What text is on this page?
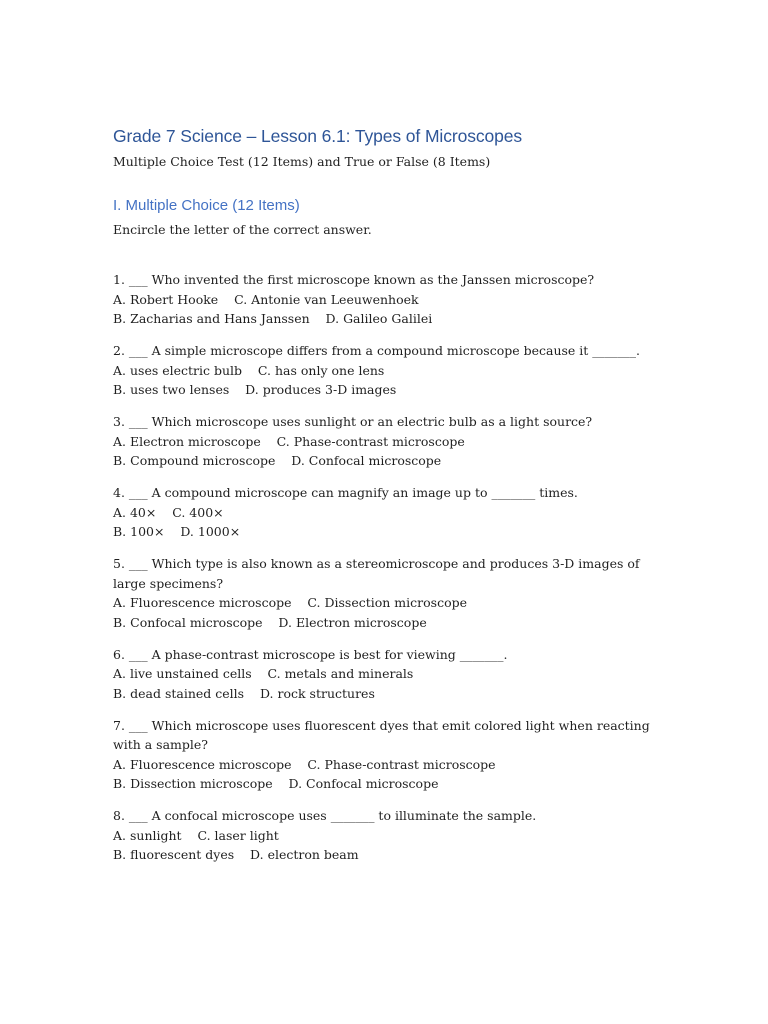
Grade 7 Science – Lesson 6.1: Types of Microscopes
Multiple Choice Test (12 Items) and True or False (8 Items)
I. Multiple Choice (12 Items)
Encircle the letter of the correct answer.
1. ___ Who invented the first microscope known as the Janssen microscope?
A. Robert Hooke    C. Antonie van Leeuwenhoek
B. Zacharias and Hans Janssen    D. Galileo Galilei
2. ___ A simple microscope differs from a compound microscope because it _______.
A. uses electric bulb    C. has only one lens
B. uses two lenses    D. produces 3-D images
3. ___ Which microscope uses sunlight or an electric bulb as a light source?
A. Electron microscope    C. Phase-contrast microscope
B. Compound microscope    D. Confocal microscope
4. ___ A compound microscope can magnify an image up to _______ times.
A. 40×    C. 400×
B. 100×    D. 1000×
5. ___ Which type is also known as a stereomicroscope and produces 3-D images of large specimens?
A. Fluorescence microscope    C. Dissection microscope
B. Confocal microscope    D. Electron microscope
6. ___ A phase-contrast microscope is best for viewing _______.
A. live unstained cells    C. metals and minerals
B. dead stained cells    D. rock structures
7. ___ Which microscope uses fluorescent dyes that emit colored light when reacting with a sample?
A. Fluorescence microscope    C. Phase-contrast microscope
B. Dissection microscope    D. Confocal microscope
8. ___ A confocal microscope uses _______ to illuminate the sample.
A. sunlight    C. laser light
B. fluorescent dyes    D. electron beam
